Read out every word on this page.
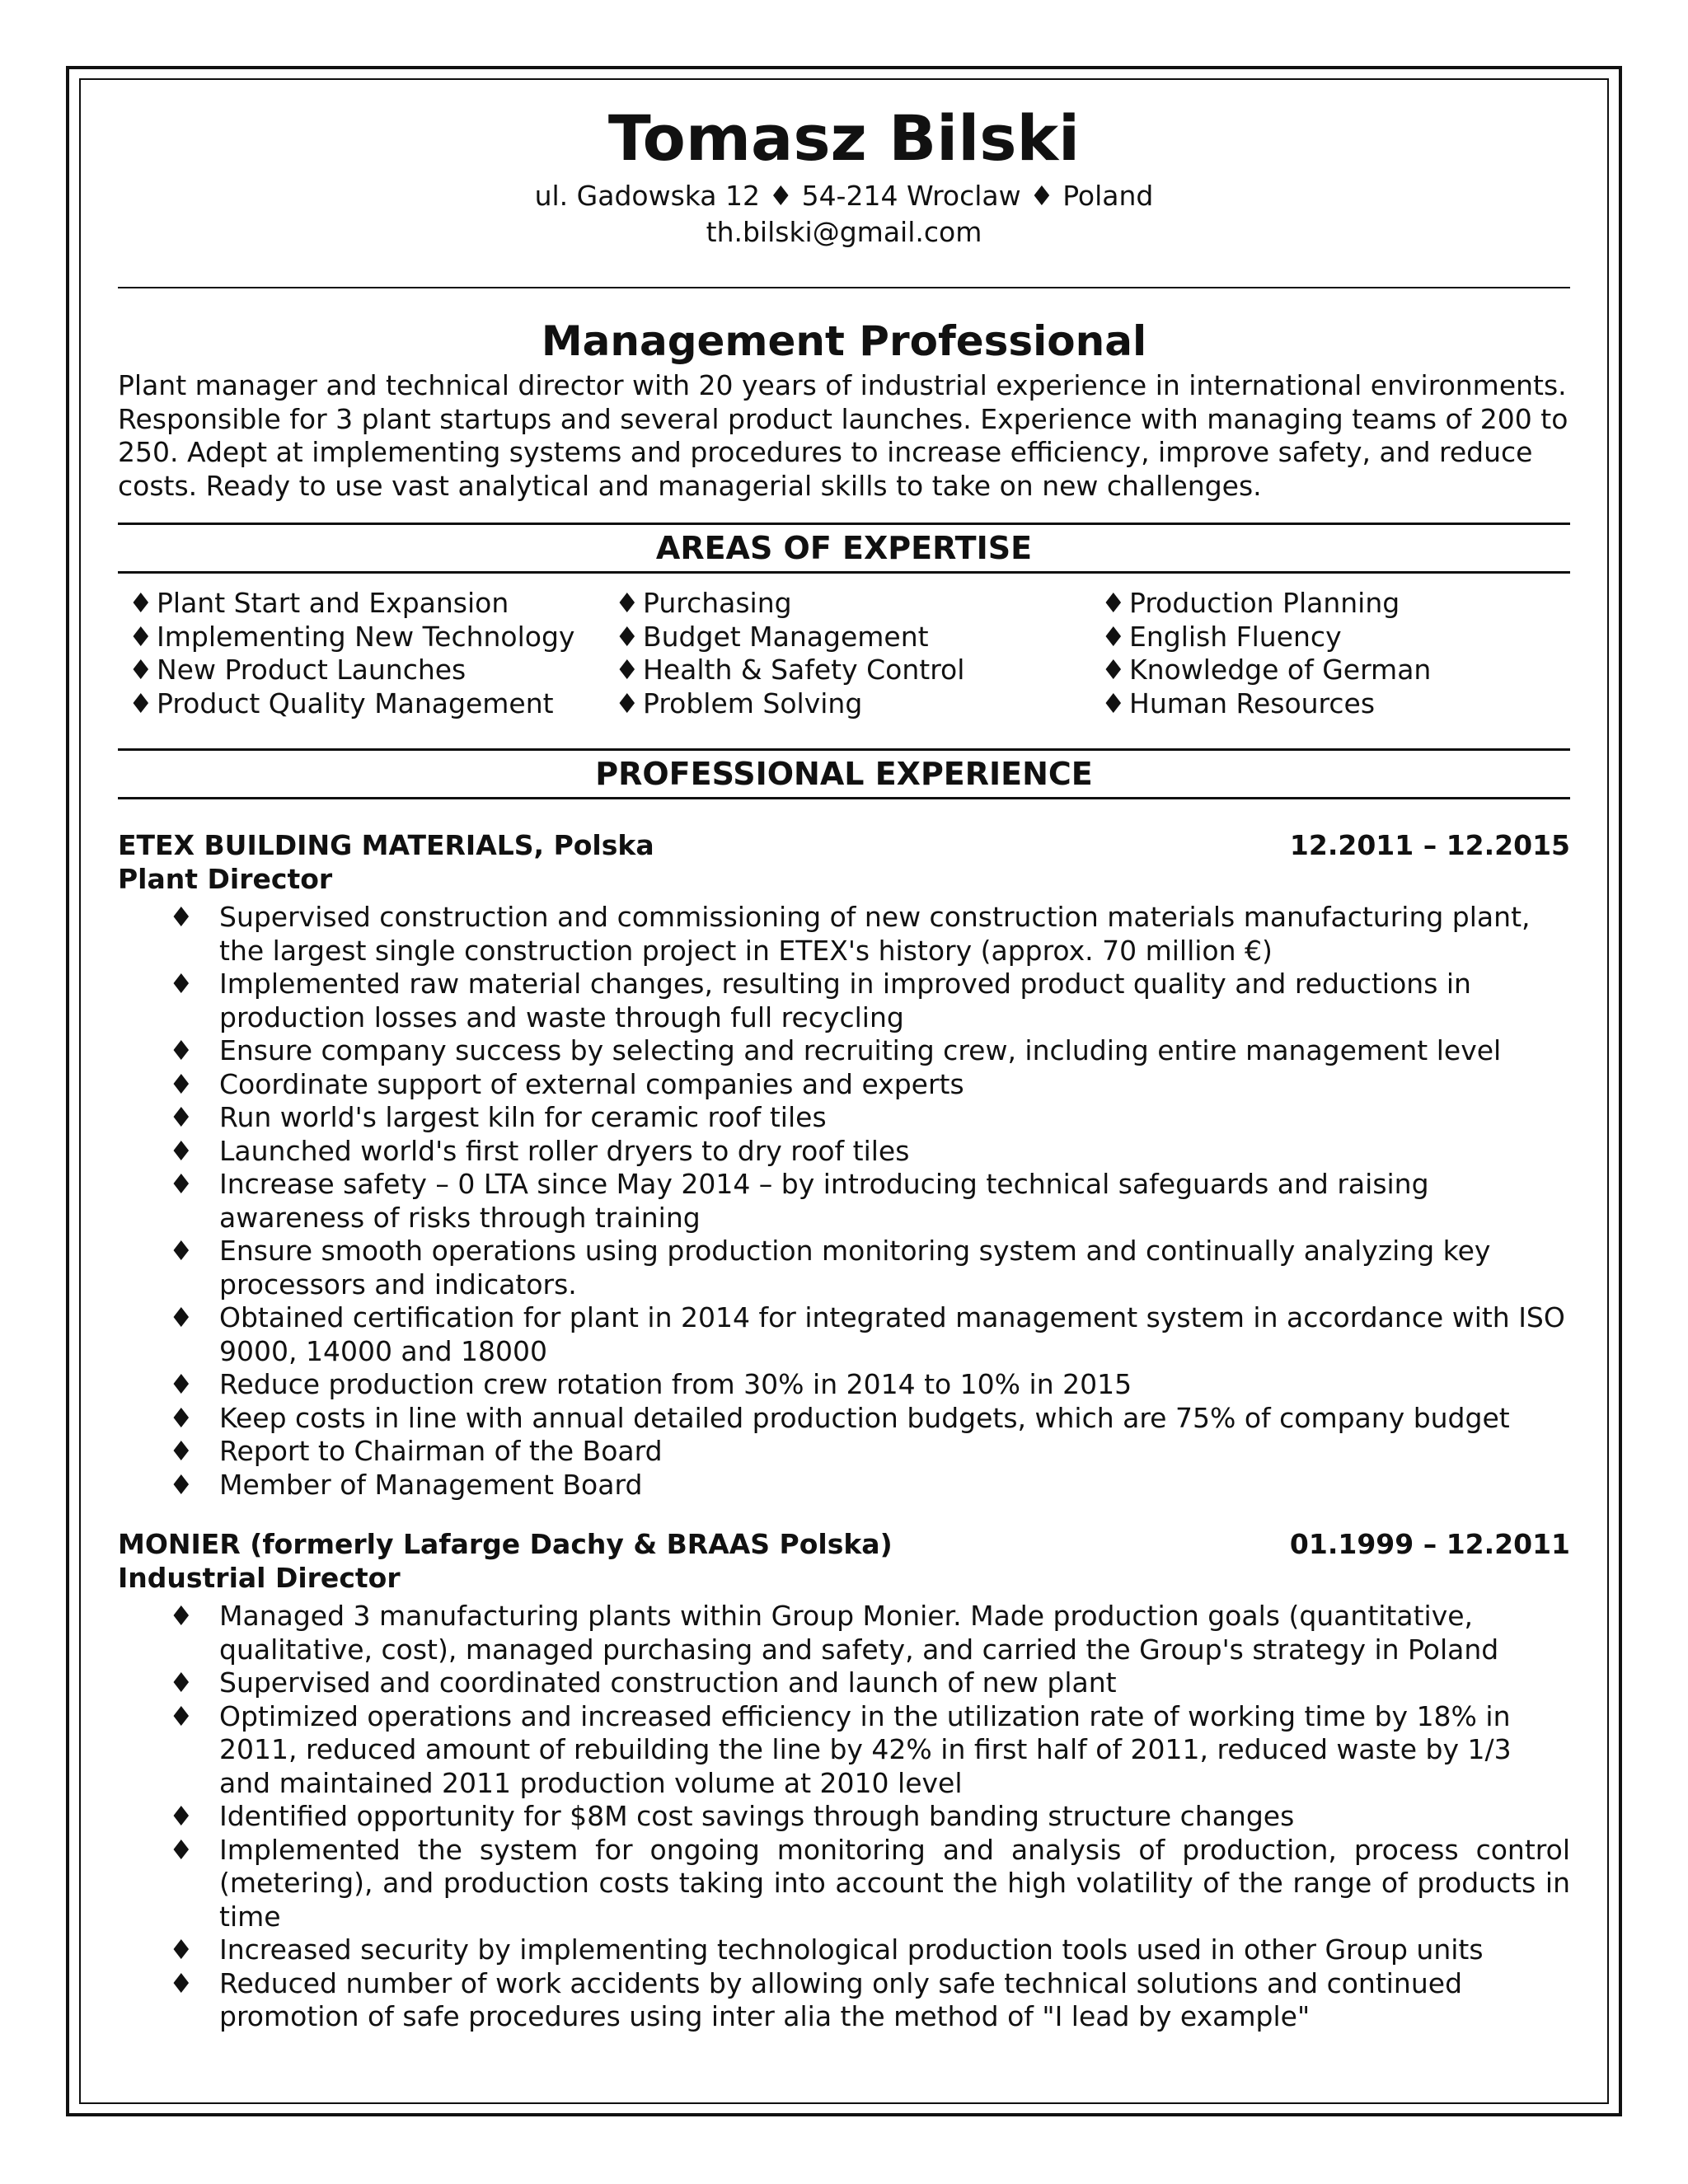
Tomasz Bilski
ul. Gadowska 12 ♦ 54-214 Wroclaw ♦ Poland
th.bilski@gmail.com
Management Professional
Plant manager and technical director with 20 years of industrial experience in international environments. Responsible for 3 plant startups and several product launches. Experience with managing teams of 200 to 250. Adept at implementing systems and procedures to increase efficiency, improve safety, and reduce costs. Ready to use vast analytical and managerial skills to take on new challenges.
AREAS OF EXPERTISE
♦ Plant Start and Expansion
♦ Implementing New Technology
♦ New Product Launches
♦ Product Quality Management
♦ Purchasing
♦ Budget Management
♦ Health & Safety Control
♦ Problem Solving
♦ Production Planning
♦ English Fluency
♦ Knowledge of German
♦ Human Resources
PROFESSIONAL EXPERIENCE
ETEX BUILDING MATERIALS, Polska	12.2011 – 12.2015
Plant Director
♦ Supervised construction and commissioning of new construction materials manufacturing plant, the largest single construction project in ETEX's history (approx. 70 million €)
♦ Implemented raw material changes, resulting in improved product quality and reductions in production losses and waste through full recycling
♦ Ensure company success by selecting and recruiting crew, including entire management level
♦ Coordinate support of external companies and experts
♦ Run world's largest kiln for ceramic roof tiles
♦ Launched world's first roller dryers to dry roof tiles
♦ Increase safety – 0 LTA since May 2014 – by introducing technical safeguards and raising awareness of risks through training
♦ Ensure smooth operations using production monitoring system and continually analyzing key processors and indicators.
♦ Obtained certification for plant in 2014 for integrated management system in accordance with ISO 9000, 14000 and 18000
♦ Reduce production crew rotation from 30% in 2014 to 10% in 2015
♦ Keep costs in line with annual detailed production budgets, which are 75% of company budget
♦ Report to Chairman of the Board
♦ Member of Management Board
MONIER (formerly Lafarge Dachy & BRAAS Polska)	01.1999 – 12.2011
Industrial Director
♦ Managed 3 manufacturing plants within Group Monier. Made production goals (quantitative, qualitative, cost), managed purchasing and safety, and carried the Group's strategy in Poland
♦ Supervised and coordinated construction and launch of new plant
♦ Optimized operations and increased efficiency in the utilization rate of working time by 18% in 2011, reduced amount of rebuilding the line by 42% in first half of 2011, reduced waste by 1/3 and maintained 2011 production volume at 2010 level
♦ Identified opportunity for $8M cost savings through banding structure changes
♦ Implemented the system for ongoing monitoring and analysis of production, process control (metering), and production costs taking into account the high volatility of the range of products in time
♦ Increased security by implementing technological production tools used in other Group units
♦ Reduced number of work accidents by allowing only safe technical solutions and continued promotion of safe procedures using inter alia the method of "I lead by example"
